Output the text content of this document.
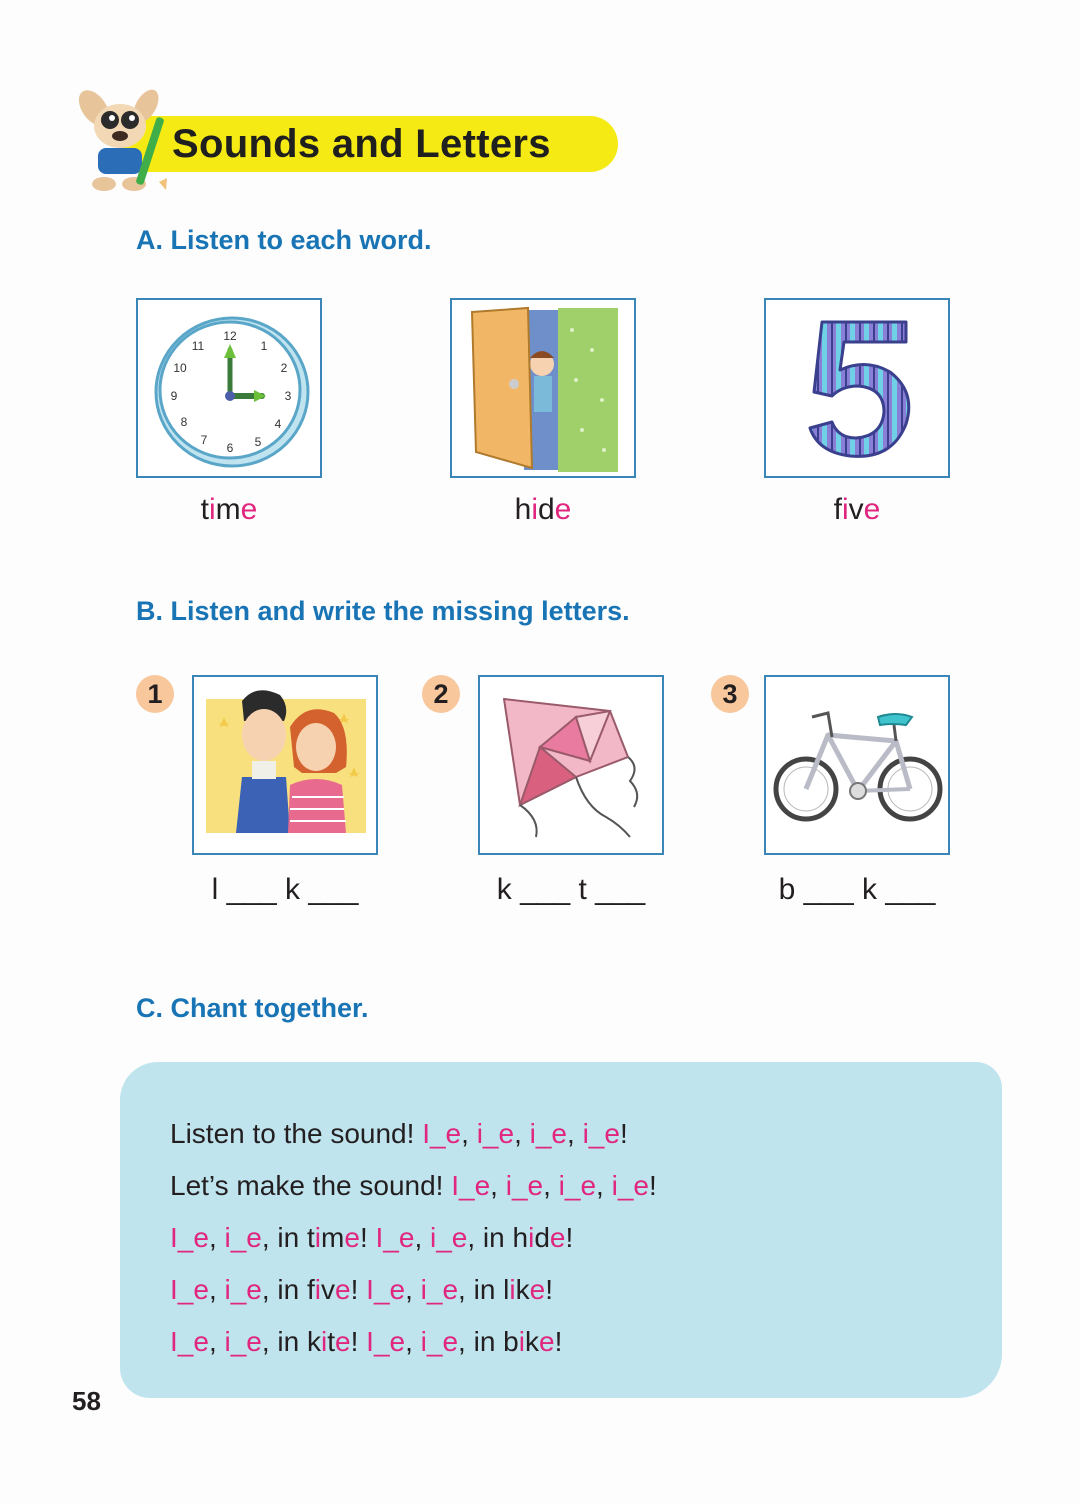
Sounds and Letters
A. Listen to each word.
12
1
2
3
4
5
6
7
8
9
10
11
time	hide	five
B. Listen and write the missing letters.
1	2	3
l ___ k ___	k ___ t ___	b ___ k ___
C. Chant together.
Listen to the sound! I_e, i_e, i_e, i_e!
Let’s make the sound! I_e, i_e, i_e, i_e!
I_e, i_e, in time! I_e, i_e, in hide!
I_e, i_e, in five! I_e, i_e, in like!
I_e, i_e, in kite! I_e, i_e, in bike!
58
